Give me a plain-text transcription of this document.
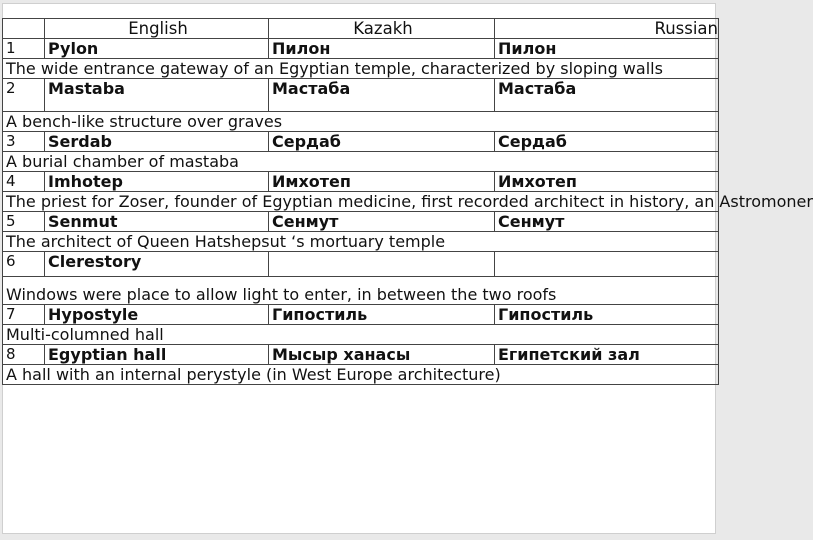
	English	Kazakh	Russian
1	Pylon	Пилон	Пилон
The wide entrance gateway of an Egyptian temple, characterized by sloping walls			
2	Mastaba	Мастаба	Мастаба
A bench-like structure over graves			
3	Serdab	Сердаб	Сердаб
A burial chamber of mastaba			
4	Imhotep	Имхотеп	Имхотеп
The priest for Zoser, founder of Egyptian medicine, first recorded architect in history, an Astromoner			
5	Senmut	Сенмут	Сенмут
The architect of Queen Hatshepsut ‘s mortuary temple			
6	Clerestory		
Windows were place to allow light to enter, in between the two roofs			
7	Hypostyle	Гипостиль	Гипостиль
Multi-columned hall			
8	Egyptian hall	Мысыр ханасы	Египетский зал
A hall with an internal perystyle (in West Europe architecture)			
